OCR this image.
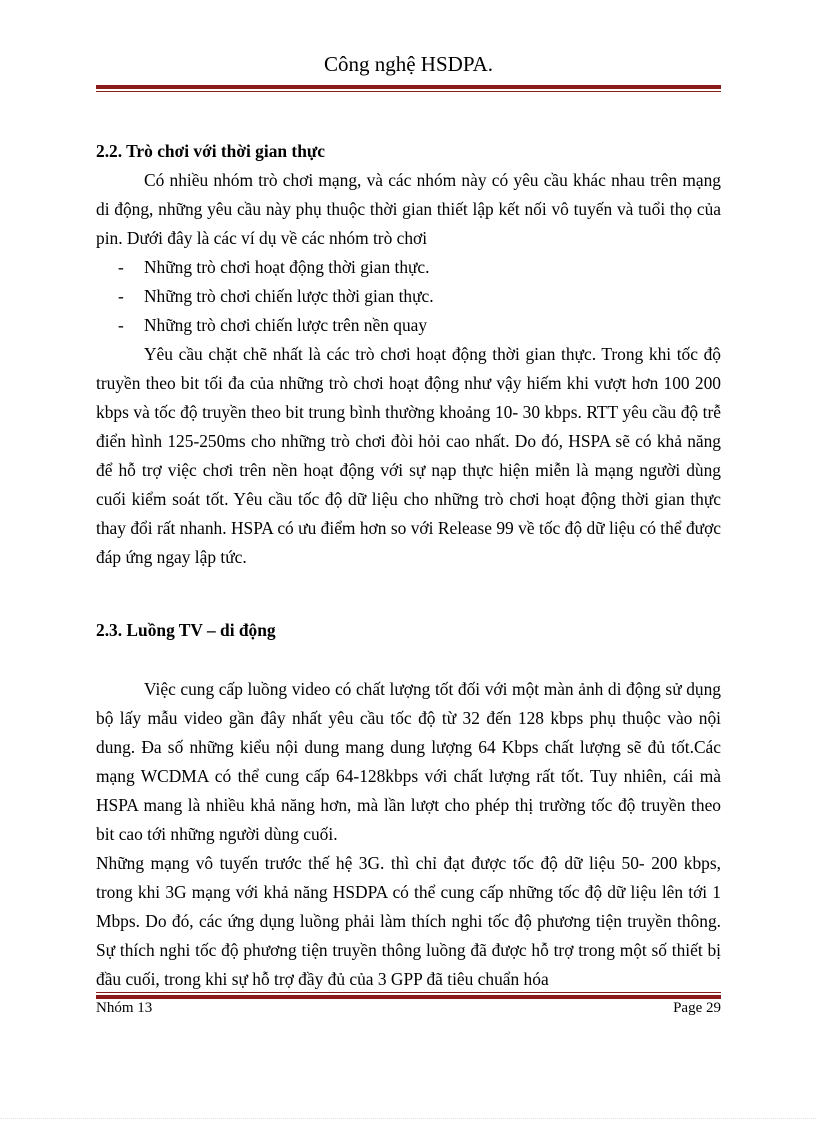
Công nghệ HSDPA.

2.2. Trò chơi với thời gian thực

Có nhiều nhóm trò chơi mạng, và các nhóm này có yêu cầu khác nhau trên mạng di động, những yêu cầu này phụ thuộc thời gian thiết lập kết nối vô tuyến và tuổi thọ của pin. Dưới đây là các ví dụ về các nhóm trò chơi

- Những trò chơi hoạt động thời gian thực.
- Những trò chơi chiến lược thời gian thực.
- Những trò chơi chiến lược trên nền quay

Yêu cầu chặt chẽ nhất là các trò chơi hoạt động thời gian thực. Trong khi tốc độ truyền theo bit tối đa của những trò chơi hoạt động như vậy hiếm khi vượt hơn 100 200 kbps và tốc độ truyền theo bit trung bình thường khoảng 10- 30 kbps. RTT yêu cầu độ trễ điển hình 125-250ms cho những trò chơi đòi hỏi cao nhất. Do đó, HSPA sẽ có khả năng để hỗ trợ việc chơi trên nền hoạt động với sự nạp thực hiện miễn là mạng người dùng cuối kiểm soát tốt. Yêu cầu tốc độ dữ liệu cho những trò chơi hoạt động thời gian thực thay đổi rất nhanh. HSPA có ưu điểm hơn so với Release 99 về tốc độ dữ liệu có thể được đáp ứng ngay lập tức.

2.3. Luồng TV – di động

Việc cung cấp luồng video có chất lượng tốt đối với một màn ảnh di động sử dụng bộ lấy mẫu video gần đây nhất yêu cầu tốc độ từ 32 đến 128 kbps phụ thuộc vào nội dung. Đa số những kiểu nội dung mang dung lượng 64 Kbps chất lượng sẽ đủ tốt.Các mạng WCDMA có thể cung cấp 64-128kbps với chất lượng rất tốt. Tuy nhiên, cái mà HSPA mang là nhiều khả năng hơn, mà lần lượt cho phép thị trường tốc độ truyền theo bit cao tới những người dùng cuối.

Những mạng vô tuyến trước thế hệ 3G. thì chỉ đạt được tốc độ dữ liệu 50- 200 kbps, trong khi 3G mạng với khả năng HSDPA có thể cung cấp những tốc độ dữ liệu lên tới 1 Mbps. Do đó, các ứng dụng luồng phải làm thích nghi tốc độ phương tiện truyền thông. Sự thích nghi tốc độ phương tiện truyền thông luồng đã được hỗ trợ trong một số thiết bị đầu cuối, trong khi sự hỗ trợ đầy đủ của 3 GPP đã tiêu chuẩn hóa

Nhóm 13	Page 29
